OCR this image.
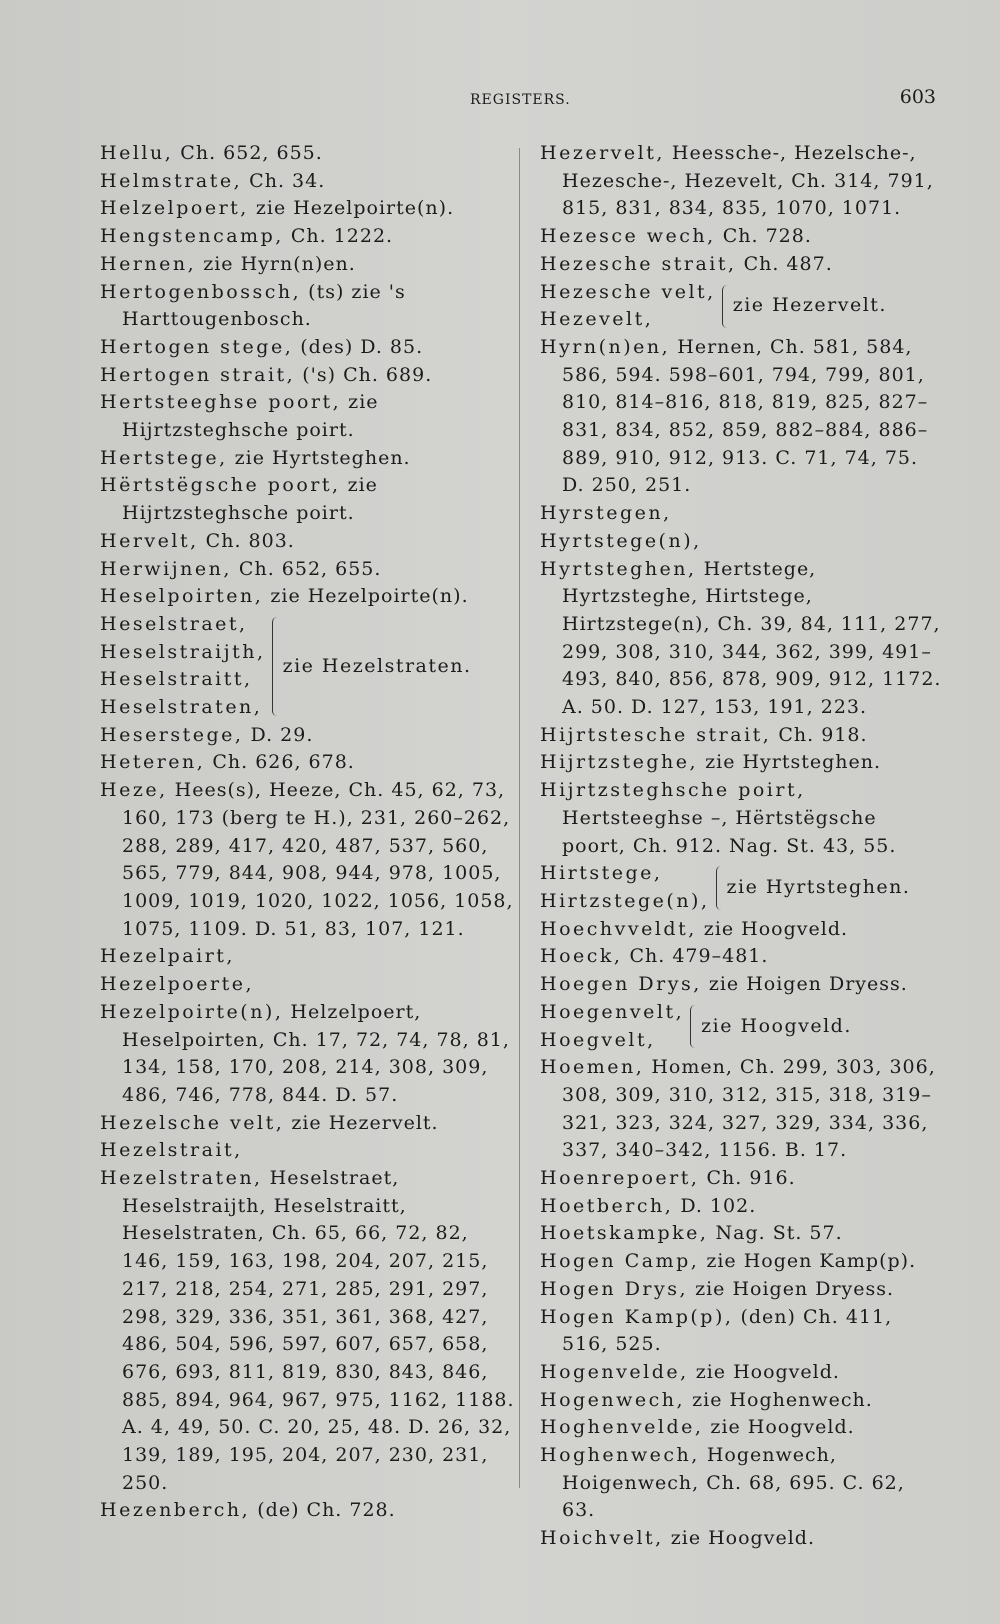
REGISTERS.	603

Hellu, Ch. 652, 655.

Helmstrate, Ch. 34.

Helzelpoert, zie Hezelpoirte(n).

Hengstencamp, Ch. 1222.

Hernen, zie Hyrn(n)en.

Hertogenbossch, (ts) zie 's Harttougenbosch.

Hertogen stege, (des) D. 85.

Hertogen strait, ('s) Ch. 689.

Hertsteeghse poort, zie Hijrtzsteghsche poirt.

Hertstege, zie Hyrtsteghen.

Hërtstëgsche poort, zie Hijrtzsteghsche poirt.

Hervelt, Ch. 803.

Herwijnen, Ch. 652, 655.

Heselpoirten, zie Hezelpoirte(n).

Heselstraet,
Heselstraijth,
Heselstraitt,
Heselstraten,
zie Hezelstraten.

Heserstege, D. 29.

Heteren, Ch. 626, 678.

Heze, Hees(s), Heeze, Ch. 45, 62, 73, 160, 173 (berg te H.), 231, 260–262, 288, 289, 417, 420, 487, 537, 560, 565, 779, 844, 908, 944, 978, 1005, 1009, 1019, 1020, 1022, 1056, 1058, 1075, 1109. D. 51, 83, 107, 121.

Hezelpairt,

Hezelpoerte,

Hezelpoirte(n), Helzelpoert, Heselpoirten, Ch. 17, 72, 74, 78, 81, 134, 158, 170, 208, 214, 308, 309, 486, 746, 778, 844. D. 57.

Hezelsche velt, zie Hezervelt.

Hezelstrait,

Hezelstraten, Heselstraet, Heselstraijth, Heselstraitt, Heselstraten, Ch. 65, 66, 72, 82, 146, 159, 163, 198, 204, 207, 215, 217, 218, 254, 271, 285, 291, 297, 298, 329, 336, 351, 361, 368, 427, 486, 504, 596, 597, 607, 657, 658, 676, 693, 811, 819, 830, 843, 846, 885, 894, 964, 967, 975, 1162, 1188. A. 4, 49, 50. C. 20, 25, 48. D. 26, 32, 139, 189, 195, 204, 207, 230, 231, 250.

Hezenberch, (de) Ch. 728.

Hezervelt, Heessche-, Hezelsche-, Hezesche-, Hezevelt, Ch. 314, 791, 815, 831, 834, 835, 1070, 1071.

Hezesce wech, Ch. 728.

Hezesche strait, Ch. 487.

Hezesche velt,
Hezevelt,
zie Hezervelt.

Hyrn(n)en, Hernen, Ch. 581, 584, 586, 594. 598–601, 794, 799, 801, 810, 814–816, 818, 819, 825, 827–831, 834, 852, 859, 882–884, 886–889, 910, 912, 913. C. 71, 74, 75. D. 250, 251.

Hyrstegen,

Hyrtstege(n),

Hyrtsteghen, Hertstege, Hyrtzsteghe, Hirtstege, Hirtzstege(n), Ch. 39, 84, 111, 277, 299, 308, 310, 344, 362, 399, 491–493, 840, 856, 878, 909, 912, 1172. A. 50. D. 127, 153, 191, 223.

Hijrtstesche strait, Ch. 918.

Hijrtzsteghe, zie Hyrtsteghen.

Hijrtzsteghsche poirt, Hertsteeghse –, Hërtstëgsche poort, Ch. 912. Nag. St. 43, 55.

Hirtstege,
Hirtzstege(n),
zie Hyrtsteghen.

Hoechvveldt, zie Hoogveld.

Hoeck, Ch. 479–481.

Hoegen Drys, zie Hoigen Dryess.

Hoegenvelt,
Hoegvelt,
zie Hoogveld.

Hoemen, Homen, Ch. 299, 303, 306, 308, 309, 310, 312, 315, 318, 319–321, 323, 324, 327, 329, 334, 336, 337, 340–342, 1156. B. 17.

Hoenrepoert, Ch. 916.

Hoetberch, D. 102.

Hoetskampke, Nag. St. 57.

Hogen Camp, zie Hogen Kamp(p).

Hogen Drys, zie Hoigen Dryess.

Hogen Kamp(p), (den) Ch. 411, 516, 525.

Hogenvelde, zie Hoogveld.

Hogenwech, zie Hoghenwech.

Hoghenvelde, zie Hoogveld.

Hoghenwech, Hogenwech, Hoigenwech, Ch. 68, 695. C. 62, 63.

Hoichvelt, zie Hoogveld.
